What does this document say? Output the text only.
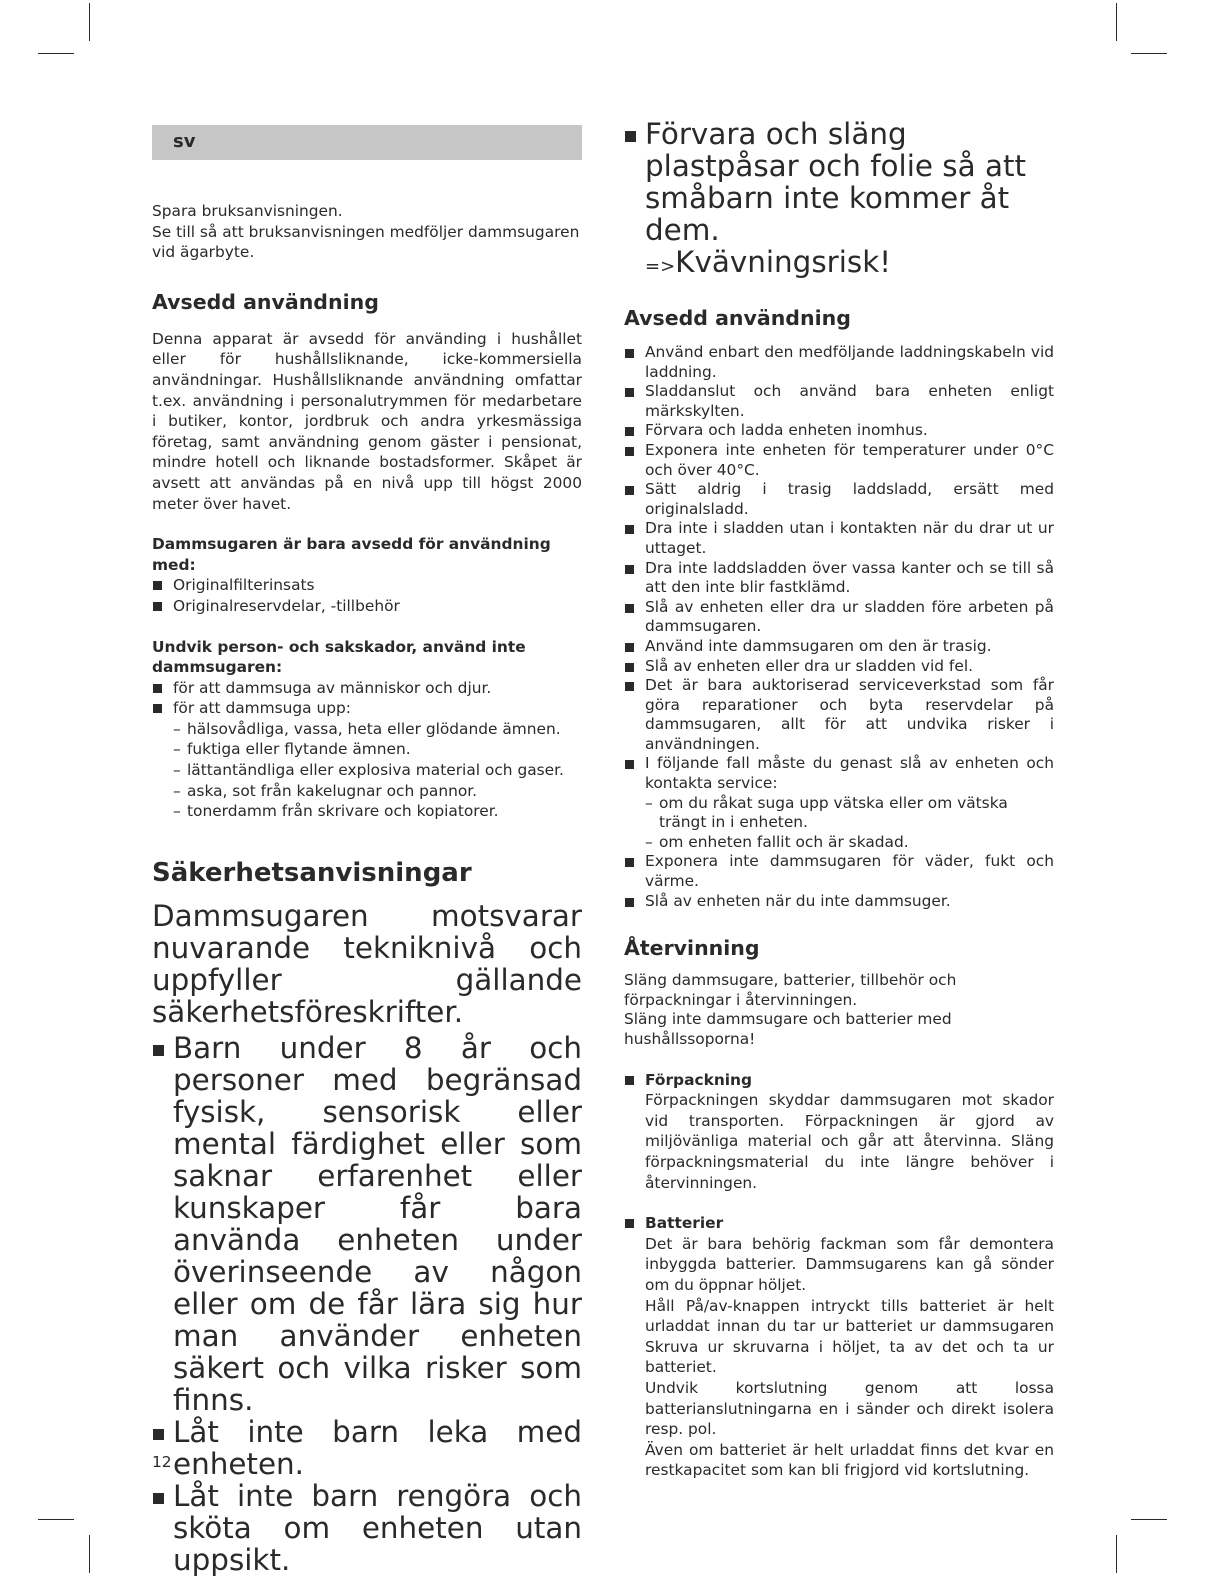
sv

Spara bruksanvisningen.

Se till så att bruksanvisningen medföljer dammsugaren vid ägarbyte.

Avsedd användning

Denna apparat är avsedd för använding i hushållet eller för hushållsliknande, icke-kommersiella användningar. Hushållsliknande användning omfattar t.ex. användning i personalutrymmen för medarbetare i butiker, kontor, jordbruk och andra yrkesmässiga företag, samt användning genom gäster i pensionat, mindre hotell och liknande bostadsformer. Skåpet är avsett att användas på en nivå upp till högst 2000 meter över havet.

Dammsugaren är bara avsedd för användning med:

Originalfilterinsats
Originalreservdelar, -tillbehör

Undvik person- och sakskador, använd inte dammsugaren:

för att dammsuga av människor och djur.
för att dammsuga upp:
– hälsovådliga, vassa, heta eller glödande ämnen.
– fuktiga eller flytande ämnen.
– lättantändliga eller explosiva material och gaser.
– aska, sot från kakelugnar och pannor.
– tonerdamm från skrivare och kopiatorer.
Säkerhetsanvisningar

Dammsugaren motsvarar nuvarande tekniknivå och uppfyller gällande säkerhetsföreskrifter.

Barn under 8 år och personer med begränsad fysisk, sensorisk eller mental färdighet eller som saknar erfarenhet eller kunskaper får bara använda enheten under överinseende av någon eller om de får lära sig hur man använder enheten säkert och vilka risker som finns.
Låt inte barn leka med enheten.
Låt inte barn rengöra och sköta om enheten utan uppsikt.
12
Förvara och släng plastpåsar och folie så att småbarn inte kommer åt dem.
=>Kvävningsrisk!
Avsedd användning
Använd enbart den medföljande laddningskabeln vid laddning.
Sladdanslut och använd bara enheten enligt märkskylten.
Förvara och ladda enheten inomhus.
Exponera inte enheten för temperaturer under 0°C och över 40°C.
Sätt aldrig i trasig laddsladd, ersätt med originalsladd.
Dra inte i sladden utan i kontakten när du drar ut ur uttaget.
Dra inte laddsladden över vassa kanter och se till så att den inte blir fastklämd.
Slå av enheten eller dra ur sladden före arbeten på dammsugaren.
Använd inte dammsugaren om den är trasig.
Slå av enheten eller dra ur sladden vid fel.
Det är bara auktoriserad serviceverkstad som får göra reparationer och byta reservdelar på dammsugaren, allt för att undvika risker i användningen.
I följande fall måste du genast slå av enheten och kontakta service:
– om du råkat suga upp vätska eller om vätska trängt in i enheten.
– om enheten fallit och är skadad.
Exponera inte dammsugaren för väder, fukt och värme.
Slå av enheten när du inte dammsuger.
Återvinning

Släng dammsugare, batterier, tillbehör och förpackningar i återvinningen.

Släng inte dammsugare och batterier med hushållssoporna!

Förpackning

Förpackningen skyddar dammsugaren mot skador vid transporten. Förpackningen är gjord av miljövänliga material och går att återvinna. Släng förpackningsmaterial du inte längre behöver i återvinningen.

Batterier

Det är bara behörig fackman som får demontera inbyggda batterier. Dammsugarens kan gå sönder om du öppnar höljet.

Håll På/av-knappen intryckt tills batteriet är helt urladdat innan du tar ur batteriet ur dammsugaren Skruva ur skruvarna i höljet, ta av det och ta ur batteriet.

Undvik kortslutning genom att lossa batterianslutningarna en i sänder och direkt isolera resp. pol.

Även om batteriet är helt urladdat finns det kvar en restkapacitet som kan bli frigjord vid kortslutning.
